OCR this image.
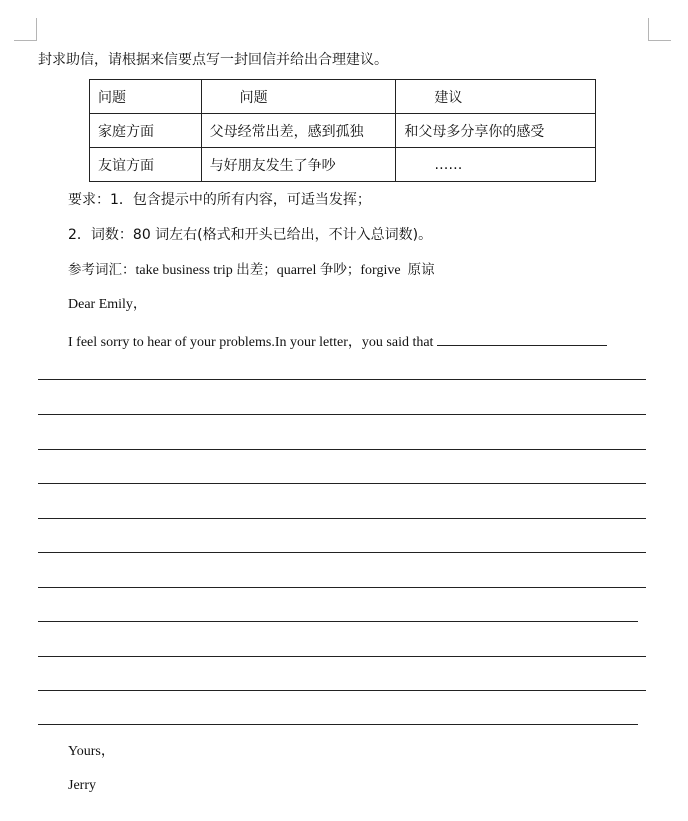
封求助信，请根据来信要点写一封回信并给出合理建议。
问题	问题	建议
家庭方面	父母经常出差，感到孤独	和父母多分享你的感受
友谊方面	与好朋友发生了争吵	……
要求：1．包含提示中的所有内容，可适当发挥；
2．词数：80 词左右(格式和开头已给出，不计入总词数)。
参考词汇：take business trip 出差；quarrel 争吵；forgive 原谅
Dear Emily，
I feel sorry to hear of your problems.In your letter，you said that
Yours，
Jerry
